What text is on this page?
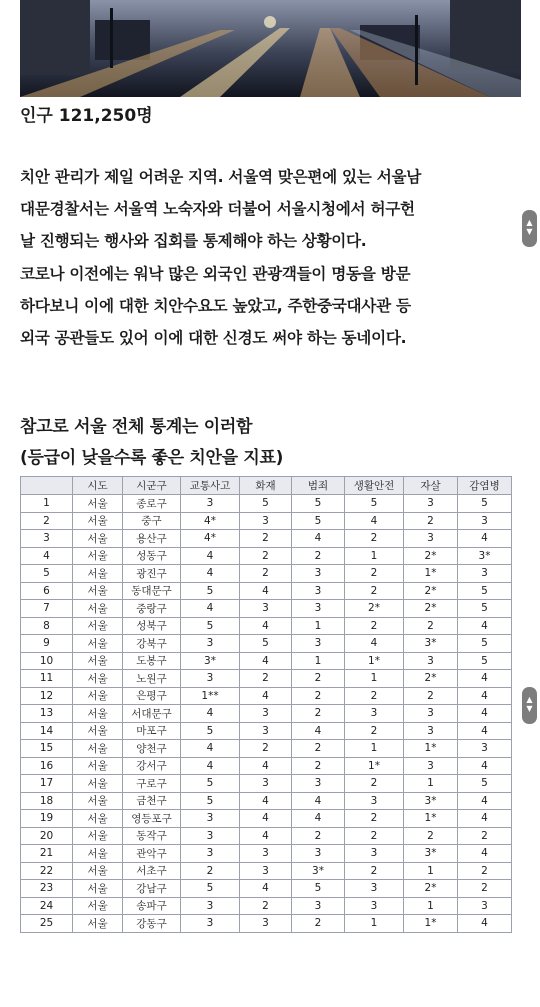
인구 121,250명

치안 관리가 제일 어려운 지역. 서울역 맞은편에 있는 서울남

대문경찰서는 서울역 노숙자와 더불어 서울시청에서 허구헌

날 진행되는 행사와 집회를 통제해야 하는 상황이다.

코로나 이전에는 워낙 많은 외국인 관광객들이 명동을 방문

하다보니 이에 대한 치안수요도 높았고, 주한중국대사관 등

외국 공관들도 있어 이에 대한 신경도 써야 하는 동네이다.

참고로 서울 전체 통계는 이러함

(등급이 낮을수록 좋은 치안을 지표)

	시도	시군구	교통사고	화재	범죄	생활안전	자살	감염병
1	서울	종로구	3	5	5	5	3	5
2	서울	중구	4*	3	5	4	2	3
3	서울	용산구	4*	2	4	2	3	4
4	서울	성동구	4	2	2	1	2*	3*
5	서울	광진구	4	2	3	2	1*	3
6	서울	동대문구	5	4	3	2	2*	5
7	서울	중랑구	4	3	3	2*	2*	5
8	서울	성북구	5	4	1	2	2	4
9	서울	강북구	3	5	3	4	3*	5
10	서울	도봉구	3*	4	1	1*	3	5
11	서울	노원구	3	2	2	1	2*	4
12	서울	은평구	1**	4	2	2	2	4
13	서울	서대문구	4	3	2	3	3	4
14	서울	마포구	5	3	4	2	3	4
15	서울	양천구	4	2	2	1	1*	3
16	서울	강서구	4	4	2	1*	3	4
17	서울	구로구	5	3	3	2	1	5
18	서울	금천구	5	4	4	3	3*	4
19	서울	영등포구	3	4	4	2	1*	4
20	서울	동작구	3	4	2	2	2	2
21	서울	관악구	3	3	3	3	3*	4
22	서울	서초구	2	3	3*	2	1	2
23	서울	강남구	5	4	5	3	2*	2
24	서울	송파구	3	2	3	3	1	3
25	서울	강동구	3	3	2	1	1*	4
▲
▼
▲
▼
